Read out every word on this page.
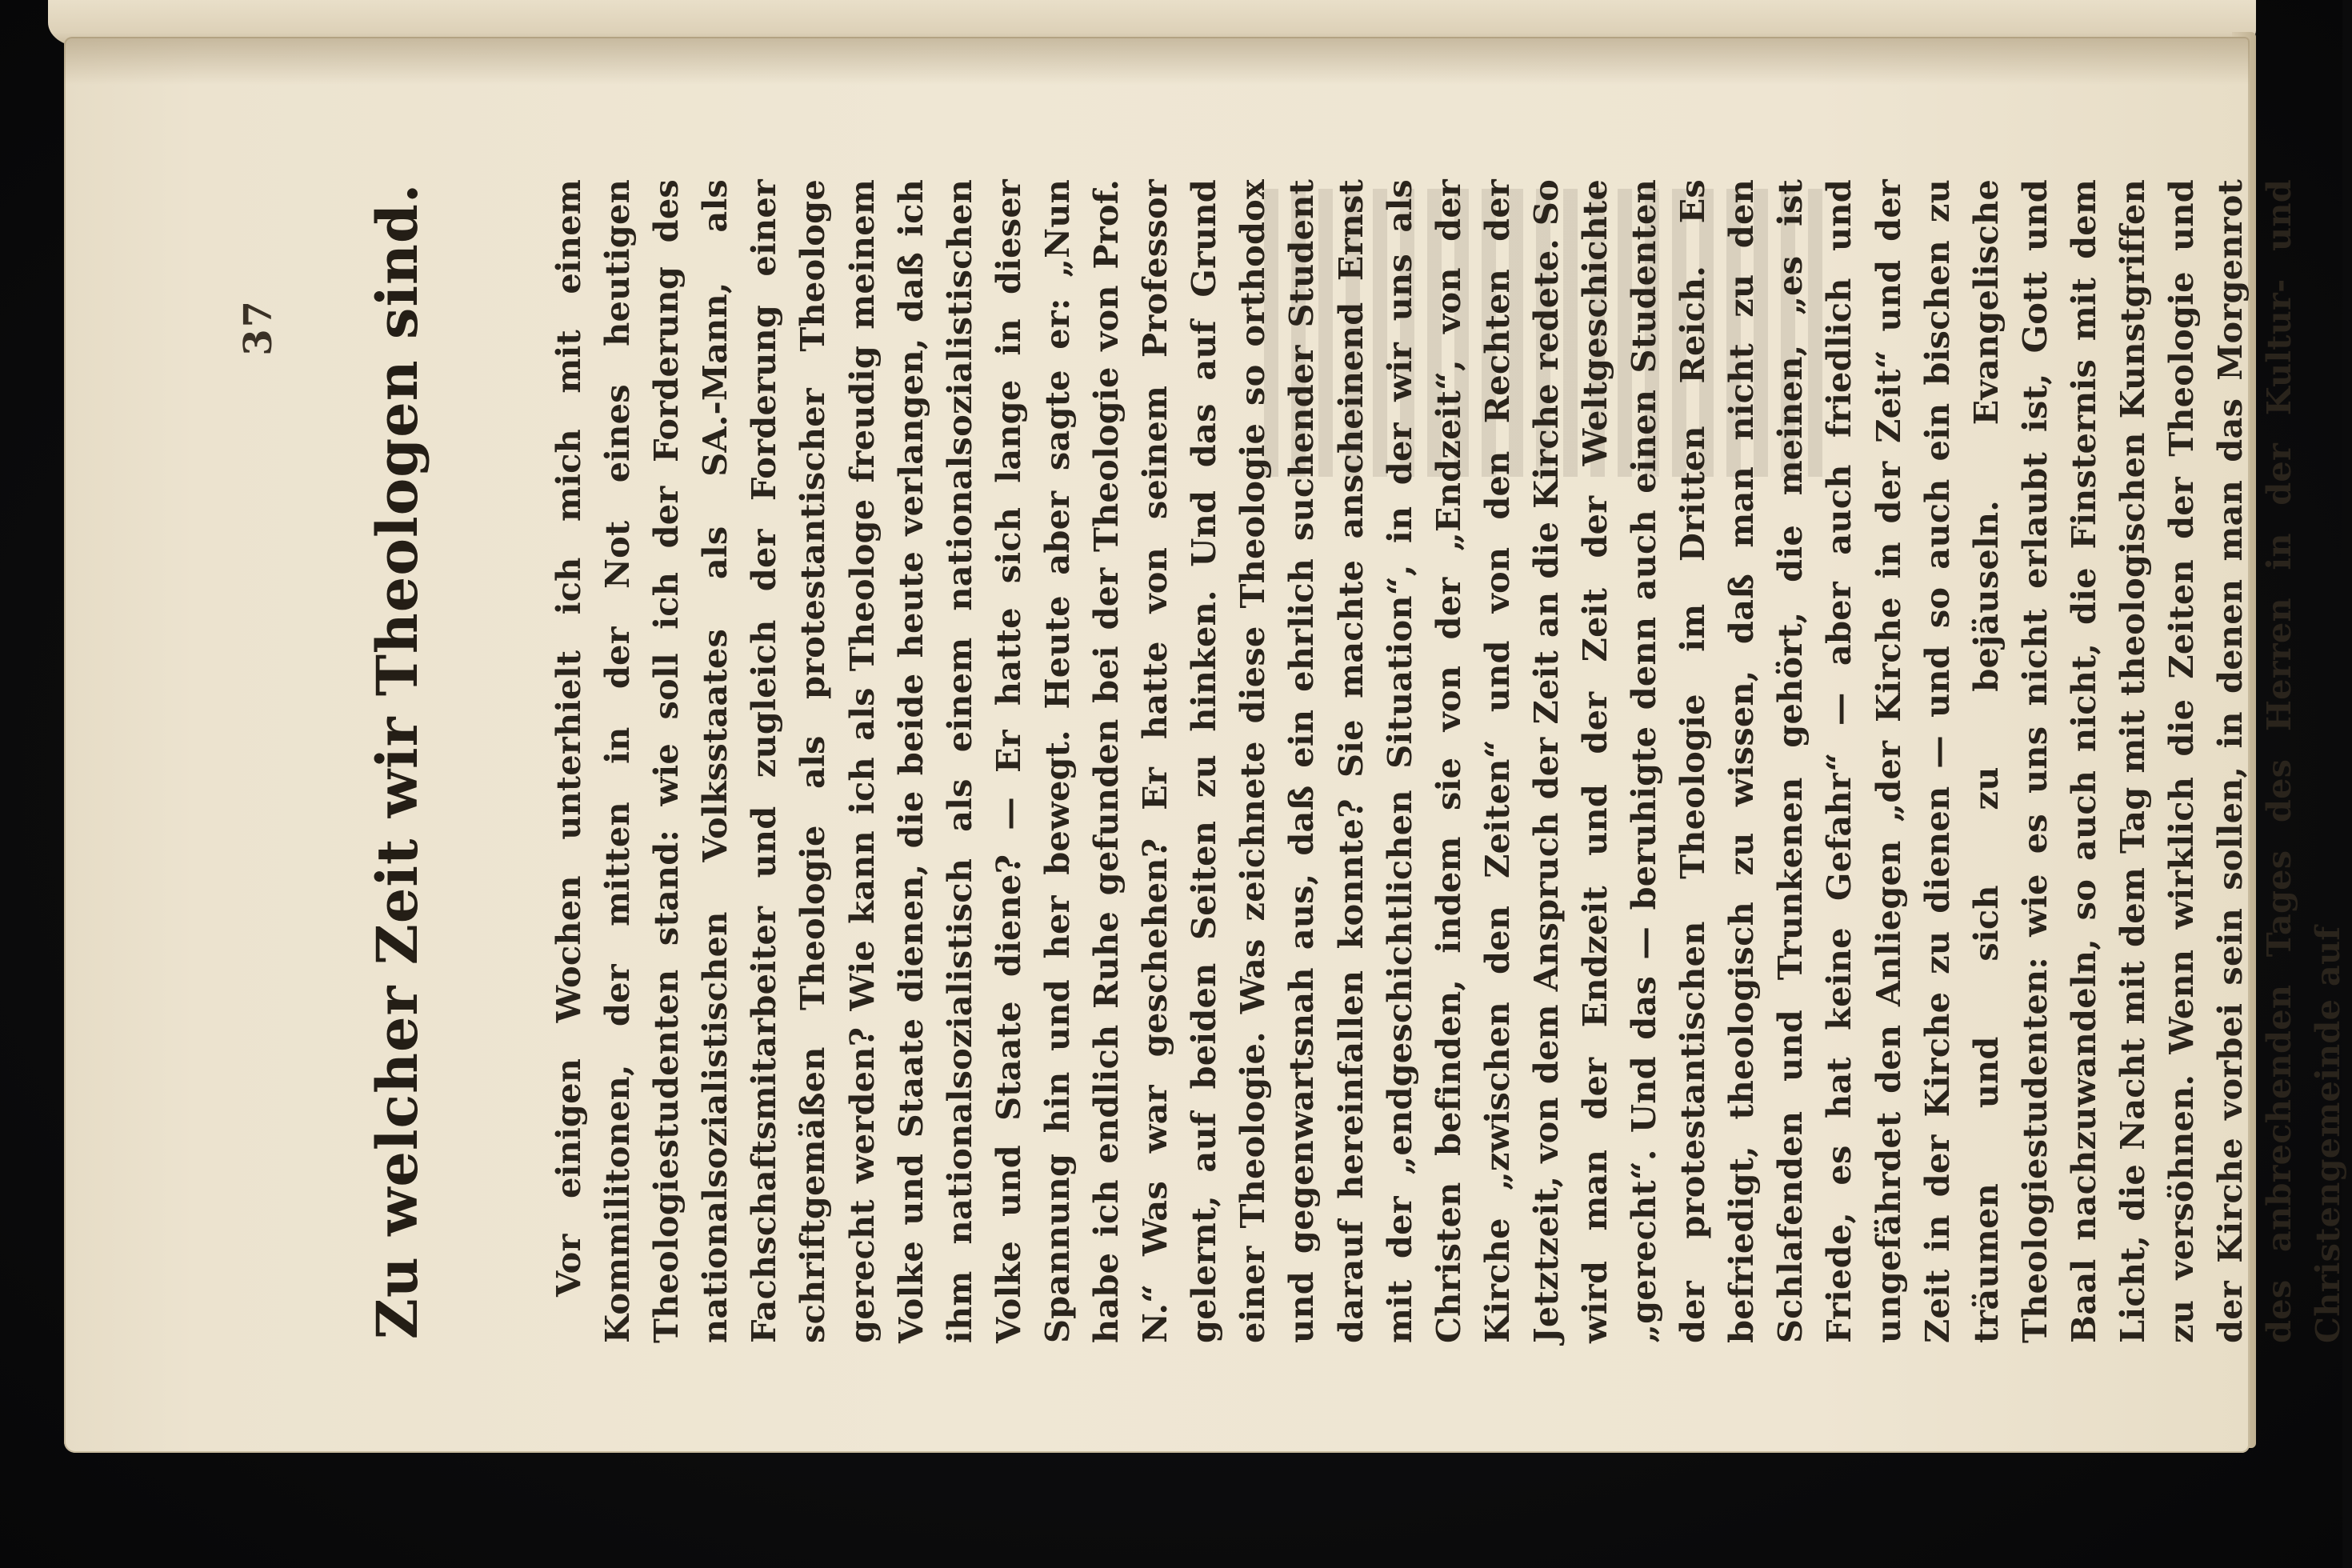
37 Zu welcher Zeit wir Theologen sind.	Vor einigen Wochen unterhielt ich mich mit einem Kommilitonen, der mitten in der Not eines heutigen Theologiestudenten stand: wie soll ich der Forderung des nationalsozialistischen Volksstaates als SA.-Mann, als Fachschaftsmitarbeiter und zugleich der Forderung einer schriftgemäßen Theologie als protestantischer Theologe gerecht werden? Wie kann ich als Theologe freudig meinem Volke und Staate dienen, die beide heute verlangen, daß ich ihm nationalsozialistisch als einem nationalsozialistischen Volke und Staate diene? — Er hatte sich lange in dieser Spannung hin und her bewegt. Heute aber sagte er: „Nun habe ich endlich Ruhe gefunden bei der Theologie von Prof. N.“ Was war geschehen? Er hatte von seinem Professor gelernt, auf beiden Seiten zu hinken. Und das auf Grund einer Theologie. Was zeichnete diese Theologie so orthodox und gegenwartsnah aus, daß ein ehrlich suchender Student darauf hereinfallen konnte? Sie machte anscheinend Ernst mit der „endgeschichtlichen Situation“, in der wir uns als Christen befinden, indem sie von der „Endzeit“, von der Kirche „zwischen den Zeiten“ und von den Rechten der Jetztzeit, von dem Anspruch der Zeit an die Kirche redete. So wird man der Endzeit und der Zeit der Weltgeschichte „gerecht“. Und das — beruhigte denn auch einen Studenten der protestantischen Theologie im Dritten Reich. Es befriedigt, theologisch zu wissen, daß man nicht zu den Schlafenden und Trunkenen gehört, die meinen, „es ist Friede, es hat keine Gefahr“ — aber auch friedlich und ungefährdet den Anliegen „der Kirche in der Zeit“ und der Zeit in der Kirche zu dienen — und so auch ein bischen zu träumen und sich zu bejäuseln. Evangelische Theologiestudenten: wie es uns nicht erlaubt ist, Gott und Baal nachzuwandeln, so auch nicht, die Finsternis mit dem Licht, die Nacht mit dem Tag mit theologischen Kunstgriffen zu versöhnen. Wenn wirklich die Zeiten der Theologie und der Kirche vorbei sein sollen, in denen man das Morgenrot des anbrechenden Tages des Herren in der Kultur- und Christengemeinde auf
